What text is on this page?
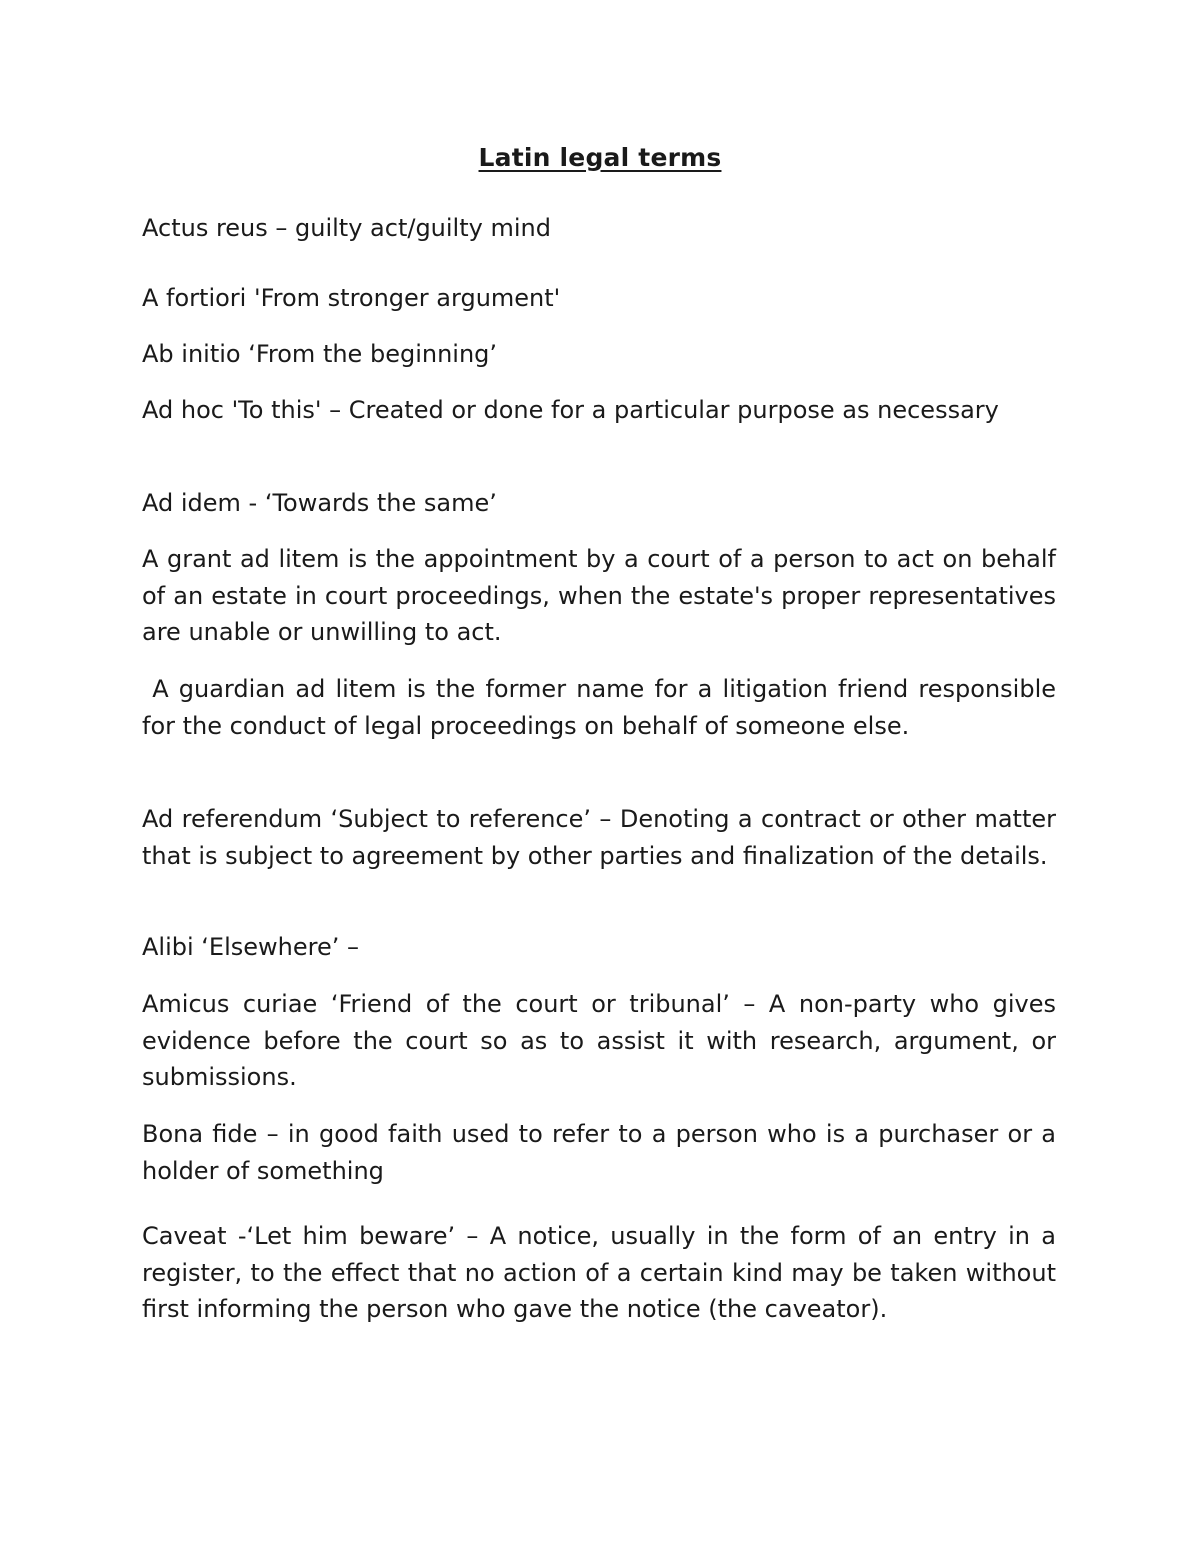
Latin legal terms

Actus reus – guilty act/guilty mind

A fortiori 'From stronger argument'

Ab initio ‘From the beginning’

Ad hoc 'To this' – Created or done for a particular purpose as necessary

Ad idem - ‘Towards the same’

A grant ad litem is the appointment by a court of a person to act on behalf of an estate in court proceedings, when the estate's proper representatives are unable or unwilling to act.

A guardian ad litem is the former name for a litigation friend responsible for the conduct of legal proceedings on behalf of someone else.

Ad referendum ‘Subject to reference’ – Denoting a contract or other matter that is subject to agreement by other parties and finalization of the details.

Alibi ‘Elsewhere’ –

Amicus curiae ‘Friend of the court or tribunal’ – A non-party who gives evidence before the court so as to assist it with research, argument, or submissions.

Bona fide – in good faith used to refer to a person who is a purchaser or a holder of something

Caveat -‘Let him beware’ – A notice, usually in the form of an entry in a register, to the effect that no action of a certain kind may be taken without first informing the person who gave the notice (the caveator).
